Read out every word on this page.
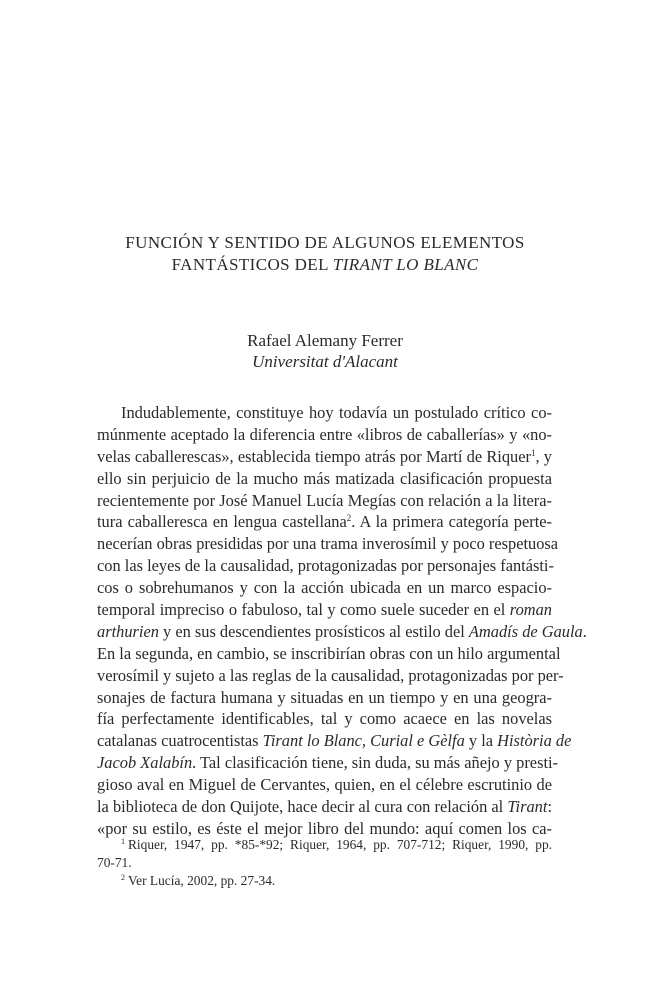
FUNCIÓN Y SENTIDO DE ALGUNOS ELEMENTOS
FANTÁSTICOS DEL TIRANT LO BLANC
Rafael Alemany Ferrer
Universitat d'Alacant
Indudablemente, constituye hoy todavía un postulado crítico co-
múnmente aceptado la diferencia entre «libros de caballerías» y «no-
velas caballerescas», establecida tiempo atrás por Martí de Riquer$^1$, y
ello sin perjuicio de la mucho más matizada clasificación propuesta
recientemente por José Manuel Lucía Megías con relación a la litera-
tura caballeresca en lengua castellana$^2$. A la primera categoría perte-
necerían obras presididas por una trama inverosímil y poco respetuosa
con las leyes de la causalidad, protagonizadas por personajes fantásti-
cos o sobrehumanos y con la acción ubicada en un marco espacio-
temporal impreciso o fabuloso, tal y como suele suceder en el roman
arthurien y en sus descendientes prosísticos al estilo del Amadís de Gaula.
En la segunda, en cambio, se inscribirían obras con un hilo argumental
verosímil y sujeto a las reglas de la causalidad, protagonizadas por per-
sonajes de factura humana y situadas en un tiempo y en una geogra-
fía perfectamente identificables, tal y como acaece en las novelas
catalanas cuatrocentistas Tirant lo Blanc, Curial e Gèlfa y la Història de
Jacob Xalabín. Tal clasificación tiene, sin duda, su más añejo y presti-
gioso aval en Miguel de Cervantes, quien, en el célebre escrutinio de
la biblioteca de don Quijote, hace decir al cura con relación al Tirant:
«por su estilo, es éste el mejor libro del mundo: aquí comen los ca-
$^1$ Riquer, 1947, pp. *85-*92; Riquer, 1964, pp. 707-712; Riquer, 1990, pp.
70-71.
$^2$ Ver Lucía, 2002, pp. 27-34.
